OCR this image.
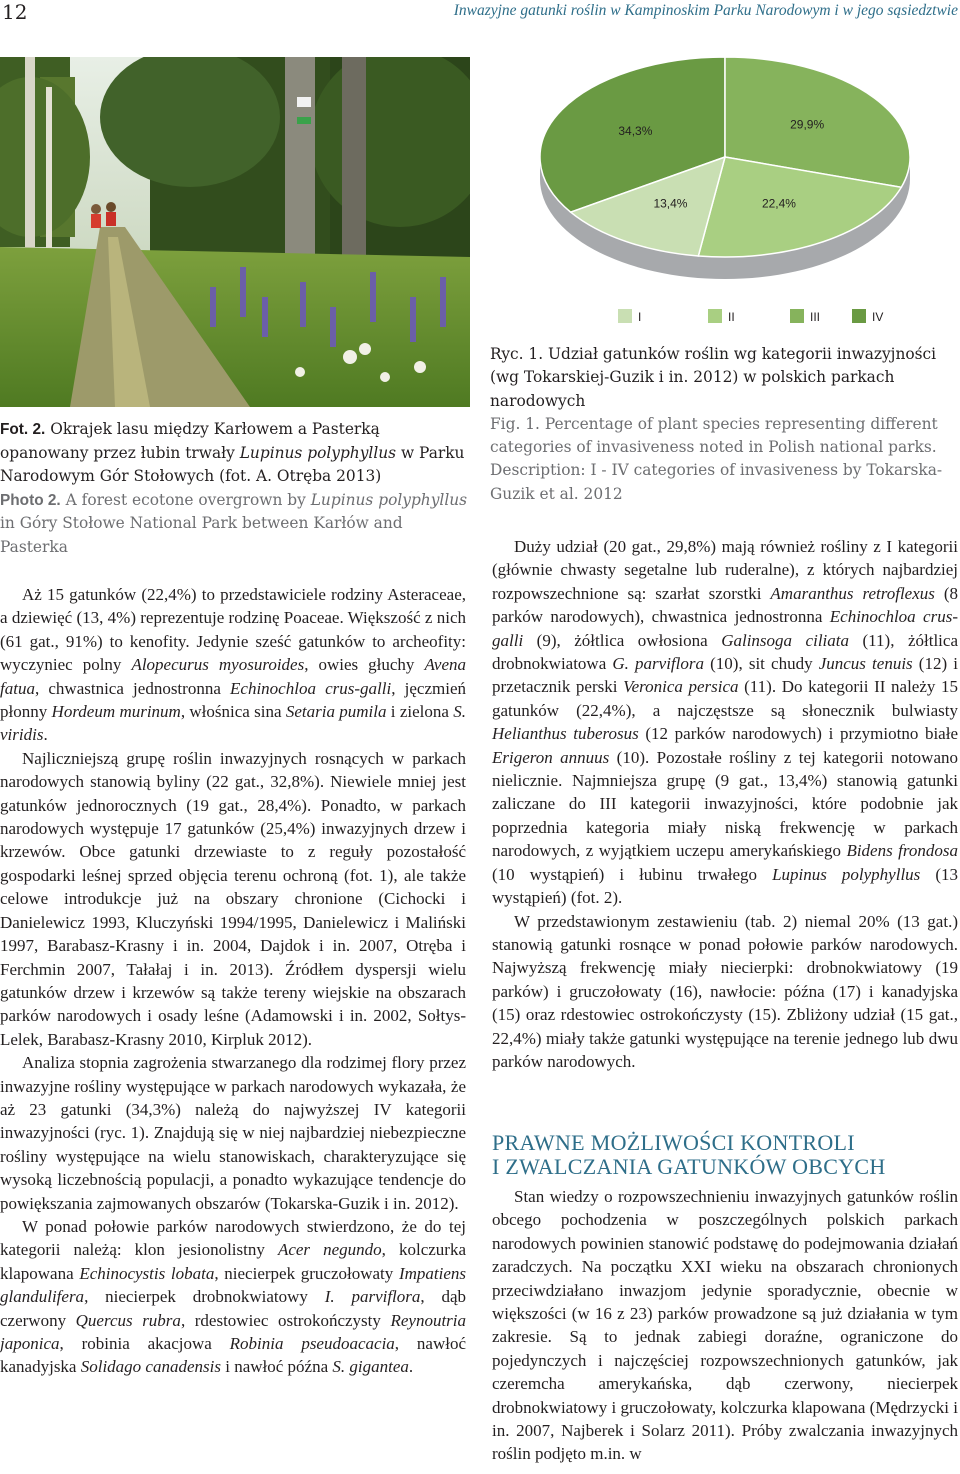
12	Inwazyjne gatunki roślin w Kampinoskim Parku Narodowym i w jego sąsiedztwie
Fot. 2. Okrajek lasu między Karłowem a Pasterką opanowany przez łubin trwały Lupinus polyphyllus w Parku Narodowym Gór Stołowych (fot. A. Otręba 2013)
Photo 2. A forest ecotone overgrown by Lupinus polyphyllus in Góry Stołowe National Park between Karłów and Pasterka
34,3%	29,9%
22,4%
13,4%
I	II	III	IV
Ryc. 1. Udział gatunków roślin wg kategorii inwazyjności (wg Tokarskiej-Guzik i in. 2012) w polskich parkach narodowych
Fig. 1. Percentage of plant species representing different categories of invasiveness noted in Polish national parks.
Description: I - IV categories of invasiveness by Tokarska-Guzik et al. 2012

Aż 15 gatunków (22,4%) to przedstawiciele rodziny Asteraceae, a dziewięć (13, 4%) reprezentuje rodzinę Poaceae. Większość z nich (61 gat., 91%) to kenofity. Jedynie sześć gatunków to archeofity: wyczyniec polny Alopecurus myosuroides, owies głuchy Avena fatua, chwastnica jednostronna Echinochloa crus-galli, jęczmień płonny Hordeum murinum, włośnica sina Setaria pumila i zielona S. viridis.

Najliczniejszą grupę roślin inwazyjnych rosnących w parkach narodowych stanowią byliny (22 gat., 32,8%). Niewiele mniej jest gatunków jednorocznych (19 gat., 28,4%). Ponadto, w parkach narodowych występuje 17 gatunków (25,4%) inwazyjnych drzew i krzewów. Obce gatunki drzewiaste to z reguły pozostałość gospodarki leśnej sprzed objęcia terenu ochroną (fot. 1), ale także celowe introdukcje już na obszary chronione (Cichocki i Danielewicz 1993, Kluczyński 1994/1995, Danielewicz i Maliński 1997, Barabasz-Krasny i in. 2004, Dajdok i in. 2007, Otręba i Ferchmin 2007, Tałałaj i in. 2013). Źródłem dyspersji wielu gatunków drzew i krzewów są także tereny wiejskie na obszarach parków narodowych i osady leśne (Adamowski i in. 2002, Sołtys-Lelek, Barabasz-Krasny 2010, Kirpluk 2012).

Analiza stopnia zagrożenia stwarzanego dla rodzimej flory przez inwazyjne rośliny występujące w parkach narodowych wykazała, że aż 23 gatunki (34,3%) należą do najwyższej IV kategorii inwazyjności (ryc. 1). Znajdują się w niej najbardziej niebezpieczne rośliny występujące na wielu stanowiskach, charakteryzujące się wysoką liczebnością populacji, a ponadto wykazujące tendencje do powiększania zajmowanych obszarów (Tokarska-Guzik i in. 2012).

W ponad połowie parków narodowych stwierdzono, że do tej kategorii należą: klon jesionolistny Acer negundo, kolczurka klapowana Echinocystis lobata, niecierpek gruczołowaty Impatiens glandulifera, niecierpek drobnokwiatowy I. parviflora, dąb czerwony Quercus rubra, rdestowiec ostrokończysty Reynoutria japonica, robinia akacjowa Robinia pseudoacacia, nawłoć kanadyjska Solidago canadensis i nawłoć późna S. gigantea.

Duży udział (20 gat., 29,8%) mają również rośliny z I kategorii (głównie chwasty segetalne lub ruderalne), z których najbardziej rozpowszechnione są: szarłat szorstki Amaranthus retroflexus (8 parków narodowych), chwastnica jednostronna Echinochloa crus-galli (9), żółtlica owłosiona Galinsoga ciliata (11), żółtlica drobnokwiatowa G. parviflora (10), sit chudy Juncus tenuis (12) i przetacznik perski Veronica persica (11). Do kategorii II należy 15 gatunków (22,4%), a najczęstsze są słonecznik bulwiasty Helianthus tuberosus (12 parków narodowych) i przymiotno białe Erigeron annuus (10). Pozostałe rośliny z tej kategorii notowano nielicznie. Najmniejsza grupę (9 gat., 13,4%) stanowią gatunki zaliczane do III kategorii inwazyjności, które podobnie jak poprzednia kategoria miały niską frekwencję w parkach narodowych, z wyjątkiem uczepu amerykańskiego Bidens frondosa (10 wystąpień) i łubinu trwałego Lupinus polyphyllus (13 wystąpień) (fot. 2).

W przedstawionym zestawieniu (tab. 2) niemal 20% (13 gat.) stanowią gatunki rosnące w ponad połowie parków narodowych. Najwyższą frekwencję miały niecierpki: drobnokwiatowy (19 parków) i gruczołowaty (16), nawłocie: późna (17) i kanadyjska (15) oraz rdestowiec ostrokończysty (15). Zbliżony udział (15 gat., 22,4%) miały także gatunki występujące na terenie jednego lub dwu parków narodowych.

PRAWNE MOŻLIWOŚCI KONTROLI
I ZWALCZANIA GATUNKÓW OBCYCH

Stan wiedzy o rozpowszechnieniu inwazyjnych gatunków roślin obcego pochodzenia w poszczególnych polskich parkach narodowych powinien stanowić podstawę do podejmowania działań zaradczych. Na początku XXI wieku na obszarach chronionych przeciwdziałano inwazjom jedynie sporadycznie, obecnie w większości (w 16 z 23) parków prowadzone są już działania w tym zakresie. Są to jednak zabiegi doraźne, ograniczone do pojedynczych i najczęściej rozpowszechnionych gatunków, jak czeremcha amerykańska, dąb czerwony, niecierpek drobnokwiatowy i gruczołowaty, kolczurka klapowana (Mędrzycki i in. 2007, Najberek i Solarz 2011). Próby zwalczania inwazyjnych roślin podjęto m.in. w
